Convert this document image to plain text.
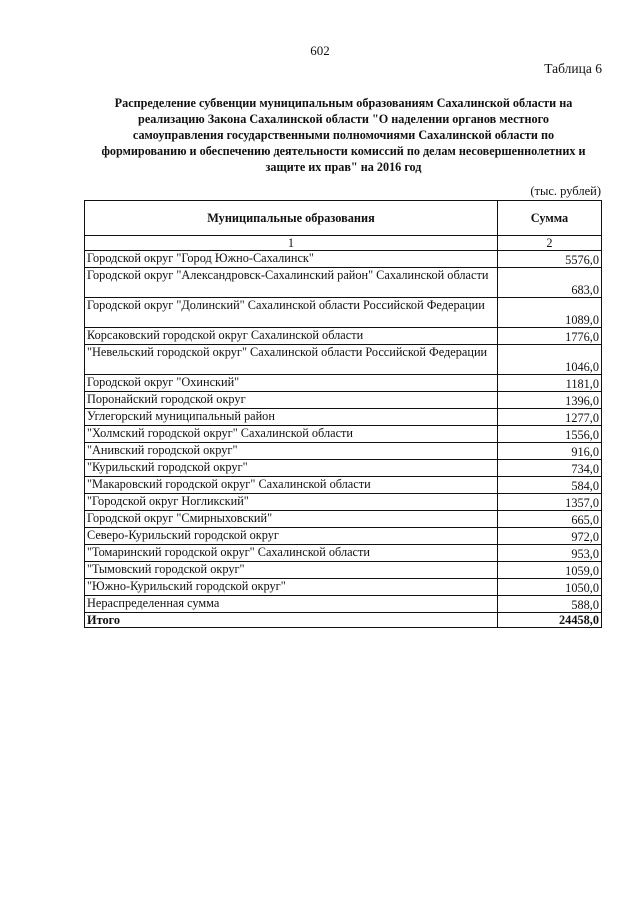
602
Таблица 6
Распределение субвенции муниципальным образованиям Сахалинской области на
реализацию Закона Сахалинской области "О наделении органов местного
самоуправления государственными полномочиями Сахалинской области по
формированию и обеспечению деятельности комиссий по делам несовершеннолетних и
защите их прав" на 2016 год
(тыс. рублей)
Муниципальные образования	Сумма
1	2
Городской округ "Город Южно-Сахалинск"	5576,0
Городской округ "Александровск-Сахалинский район" Сахалинской области	683,0
Городской округ "Долинский" Сахалинской области Российской Федерации	1089,0
Корсаковский городской округ Сахалинской области	1776,0
"Невельский городской округ" Сахалинской области Российской Федерации	1046,0
Городской округ "Охинский"	1181,0
Поронайский городской округ	1396,0
Углегорский муниципальный район	1277,0
"Холмский городской округ" Сахалинской области	1556,0
"Анивский городской округ"	916,0
"Курильский городской округ"	734,0
"Макаровский городской округ" Сахалинской области	584,0
"Городской округ Ногликский"	1357,0
Городской округ "Смирныховский"	665,0
Северо-Курильский городской округ	972,0
"Томаринский городской округ" Сахалинской области	953,0
"Тымовский городской округ"	1059,0
"Южно-Курильский городской округ"	1050,0
Нераспределенная сумма	588,0
Итого	24458,0
